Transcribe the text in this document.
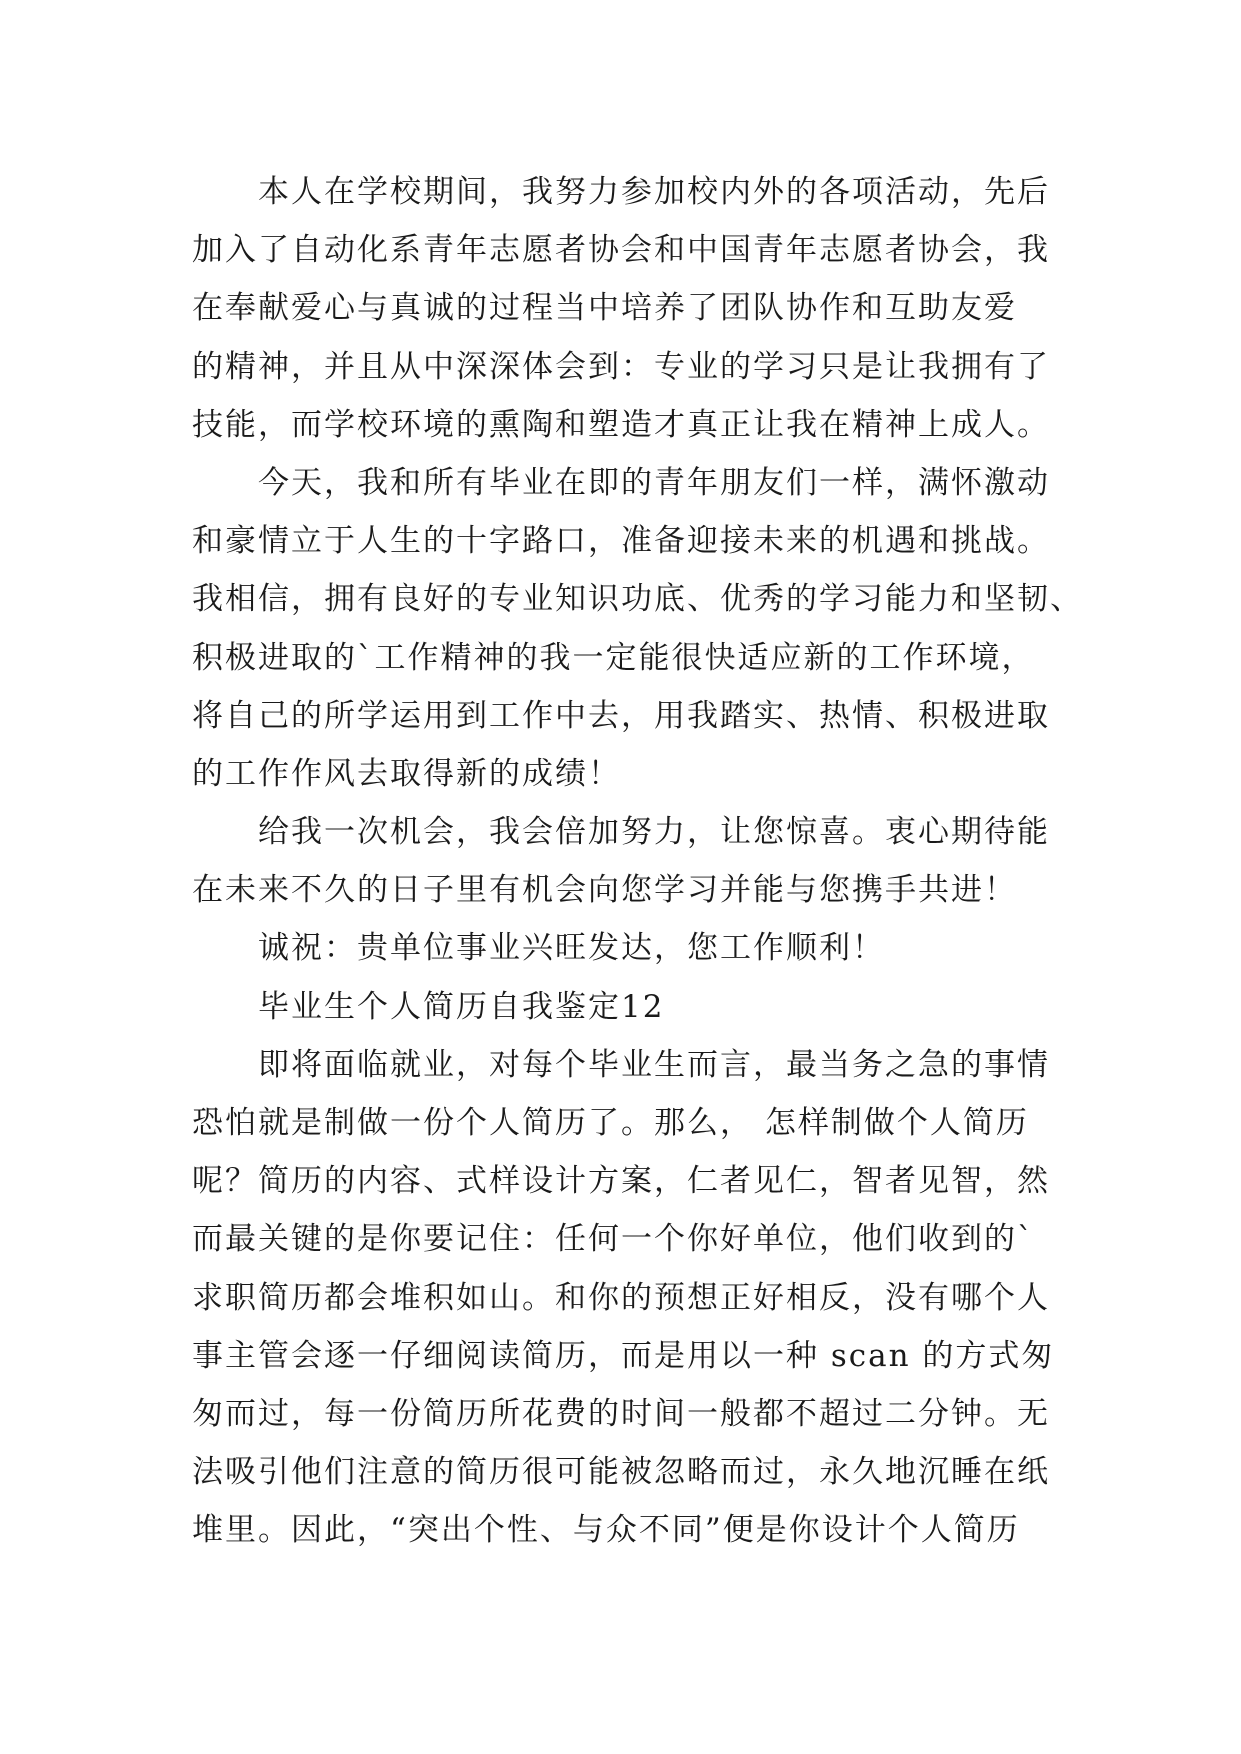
本人在学校期间，我努力参加校内外的各项活动，先后
加入了自动化系青年志愿者协会和中国青年志愿者协会，我
在奉献爱心与真诚的过程当中培养了团队协作和互助友爱
的精神，并且从中深深体会到：专业的学习只是让我拥有了
技能，而学校环境的熏陶和塑造才真正让我在精神上成人。
今天，我和所有毕业在即的青年朋友们一样，满怀激动
和豪情立于人生的十字路口，准备迎接未来的机遇和挑战。
我相信，拥有良好的专业知识功底、优秀的学习能力和坚韧、
积极进取的`工作精神的我一定能很快适应新的工作环境，
将自己的所学运用到工作中去，用我踏实、热情、积极进取
的工作作风去取得新的成绩！
给我一次机会，我会倍加努力，让您惊喜。衷心期待能
在未来不久的日子里有机会向您学习并能与您携手共进！
诚祝：贵单位事业兴旺发达，您工作顺利！
毕业生个人简历自我鉴定12
即将面临就业，对每个毕业生而言，最当务之急的事情
恐怕就是制做一份个人简历了。那么， 怎样制做个人简历
呢？简历的内容、式样设计方案，仁者见仁，智者见智，然
而最关键的是你要记住：任何一个你好单位，他们收到的`
求职简历都会堆积如山。和你的预想正好相反，没有哪个人
事主管会逐一仔细阅读简历，而是用以一种 scan 的方式匆
匆而过，每一份简历所花费的时间一般都不超过二分钟。无
法吸引他们注意的简历很可能被忽略而过，永久地沉睡在纸
堆里。因此，“突出个性、与众不同”便是你设计个人简历
